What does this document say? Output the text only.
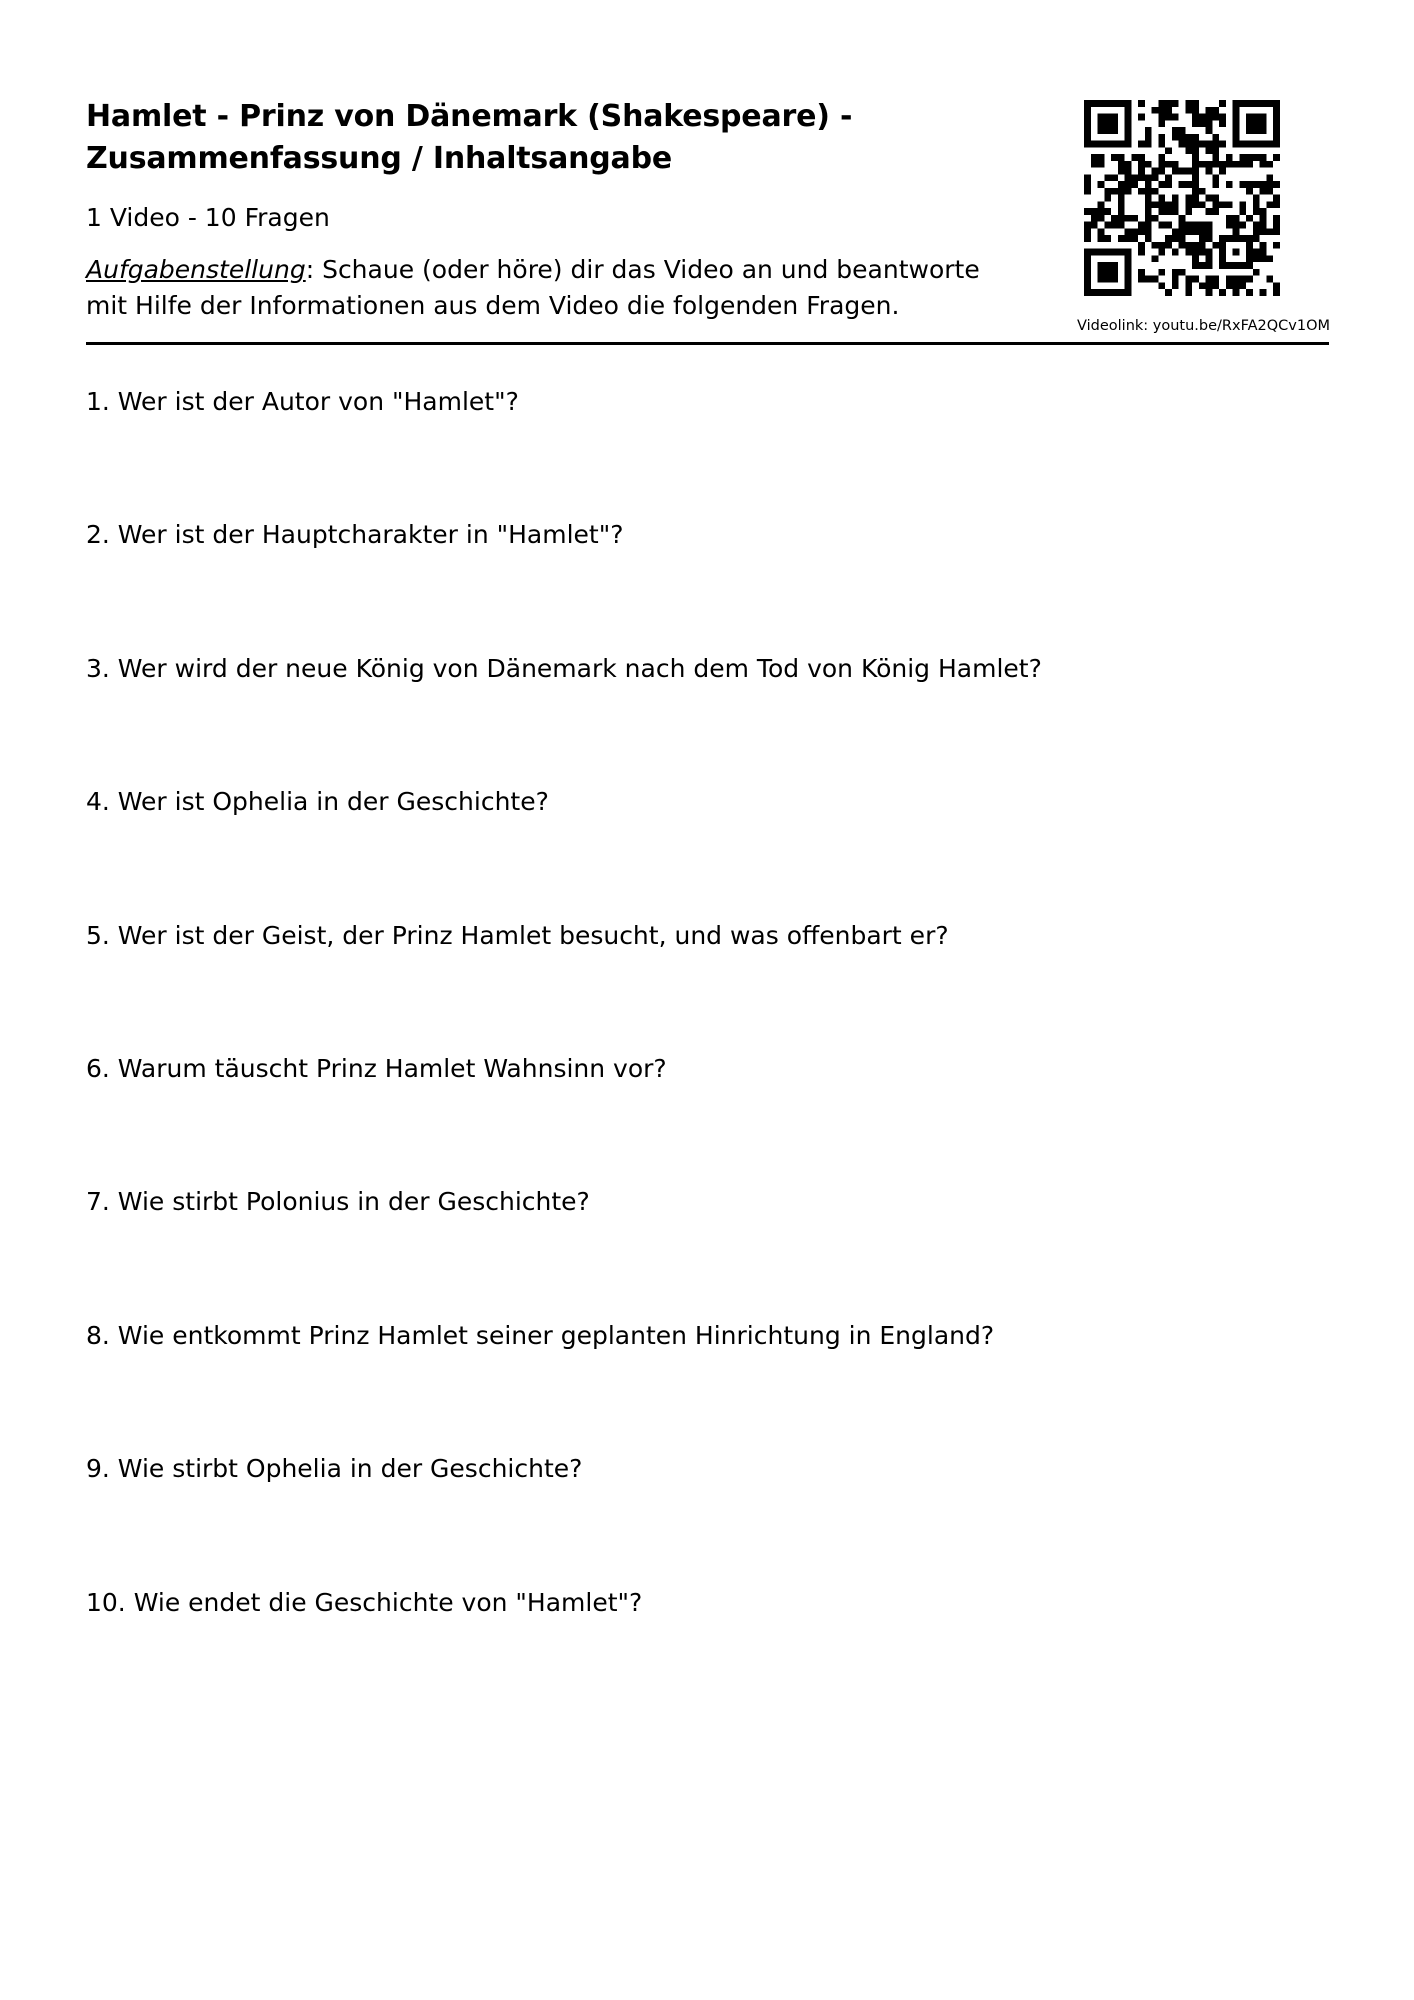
Hamlet - Prinz von Dänemark (Shakespeare) -
Zusammenfassung / Inhaltsangabe
1 Video - 10 Fragen
Aufgabenstellung: Schaue (oder höre) dir das Video an und beantworte
mit Hilfe der Informationen aus dem Video die folgenden Fragen.
Videolink: youtu.be/RxFA2QCv1OM
1. Wer ist der Autor von "Hamlet"?
2. Wer ist der Hauptcharakter in "Hamlet"?
3. Wer wird der neue König von Dänemark nach dem Tod von König Hamlet?
4. Wer ist Ophelia in der Geschichte?
5. Wer ist der Geist, der Prinz Hamlet besucht, und was offenbart er?
6. Warum täuscht Prinz Hamlet Wahnsinn vor?
7. Wie stirbt Polonius in der Geschichte?
8. Wie entkommt Prinz Hamlet seiner geplanten Hinrichtung in England?
9. Wie stirbt Ophelia in der Geschichte?
10. Wie endet die Geschichte von "Hamlet"?
